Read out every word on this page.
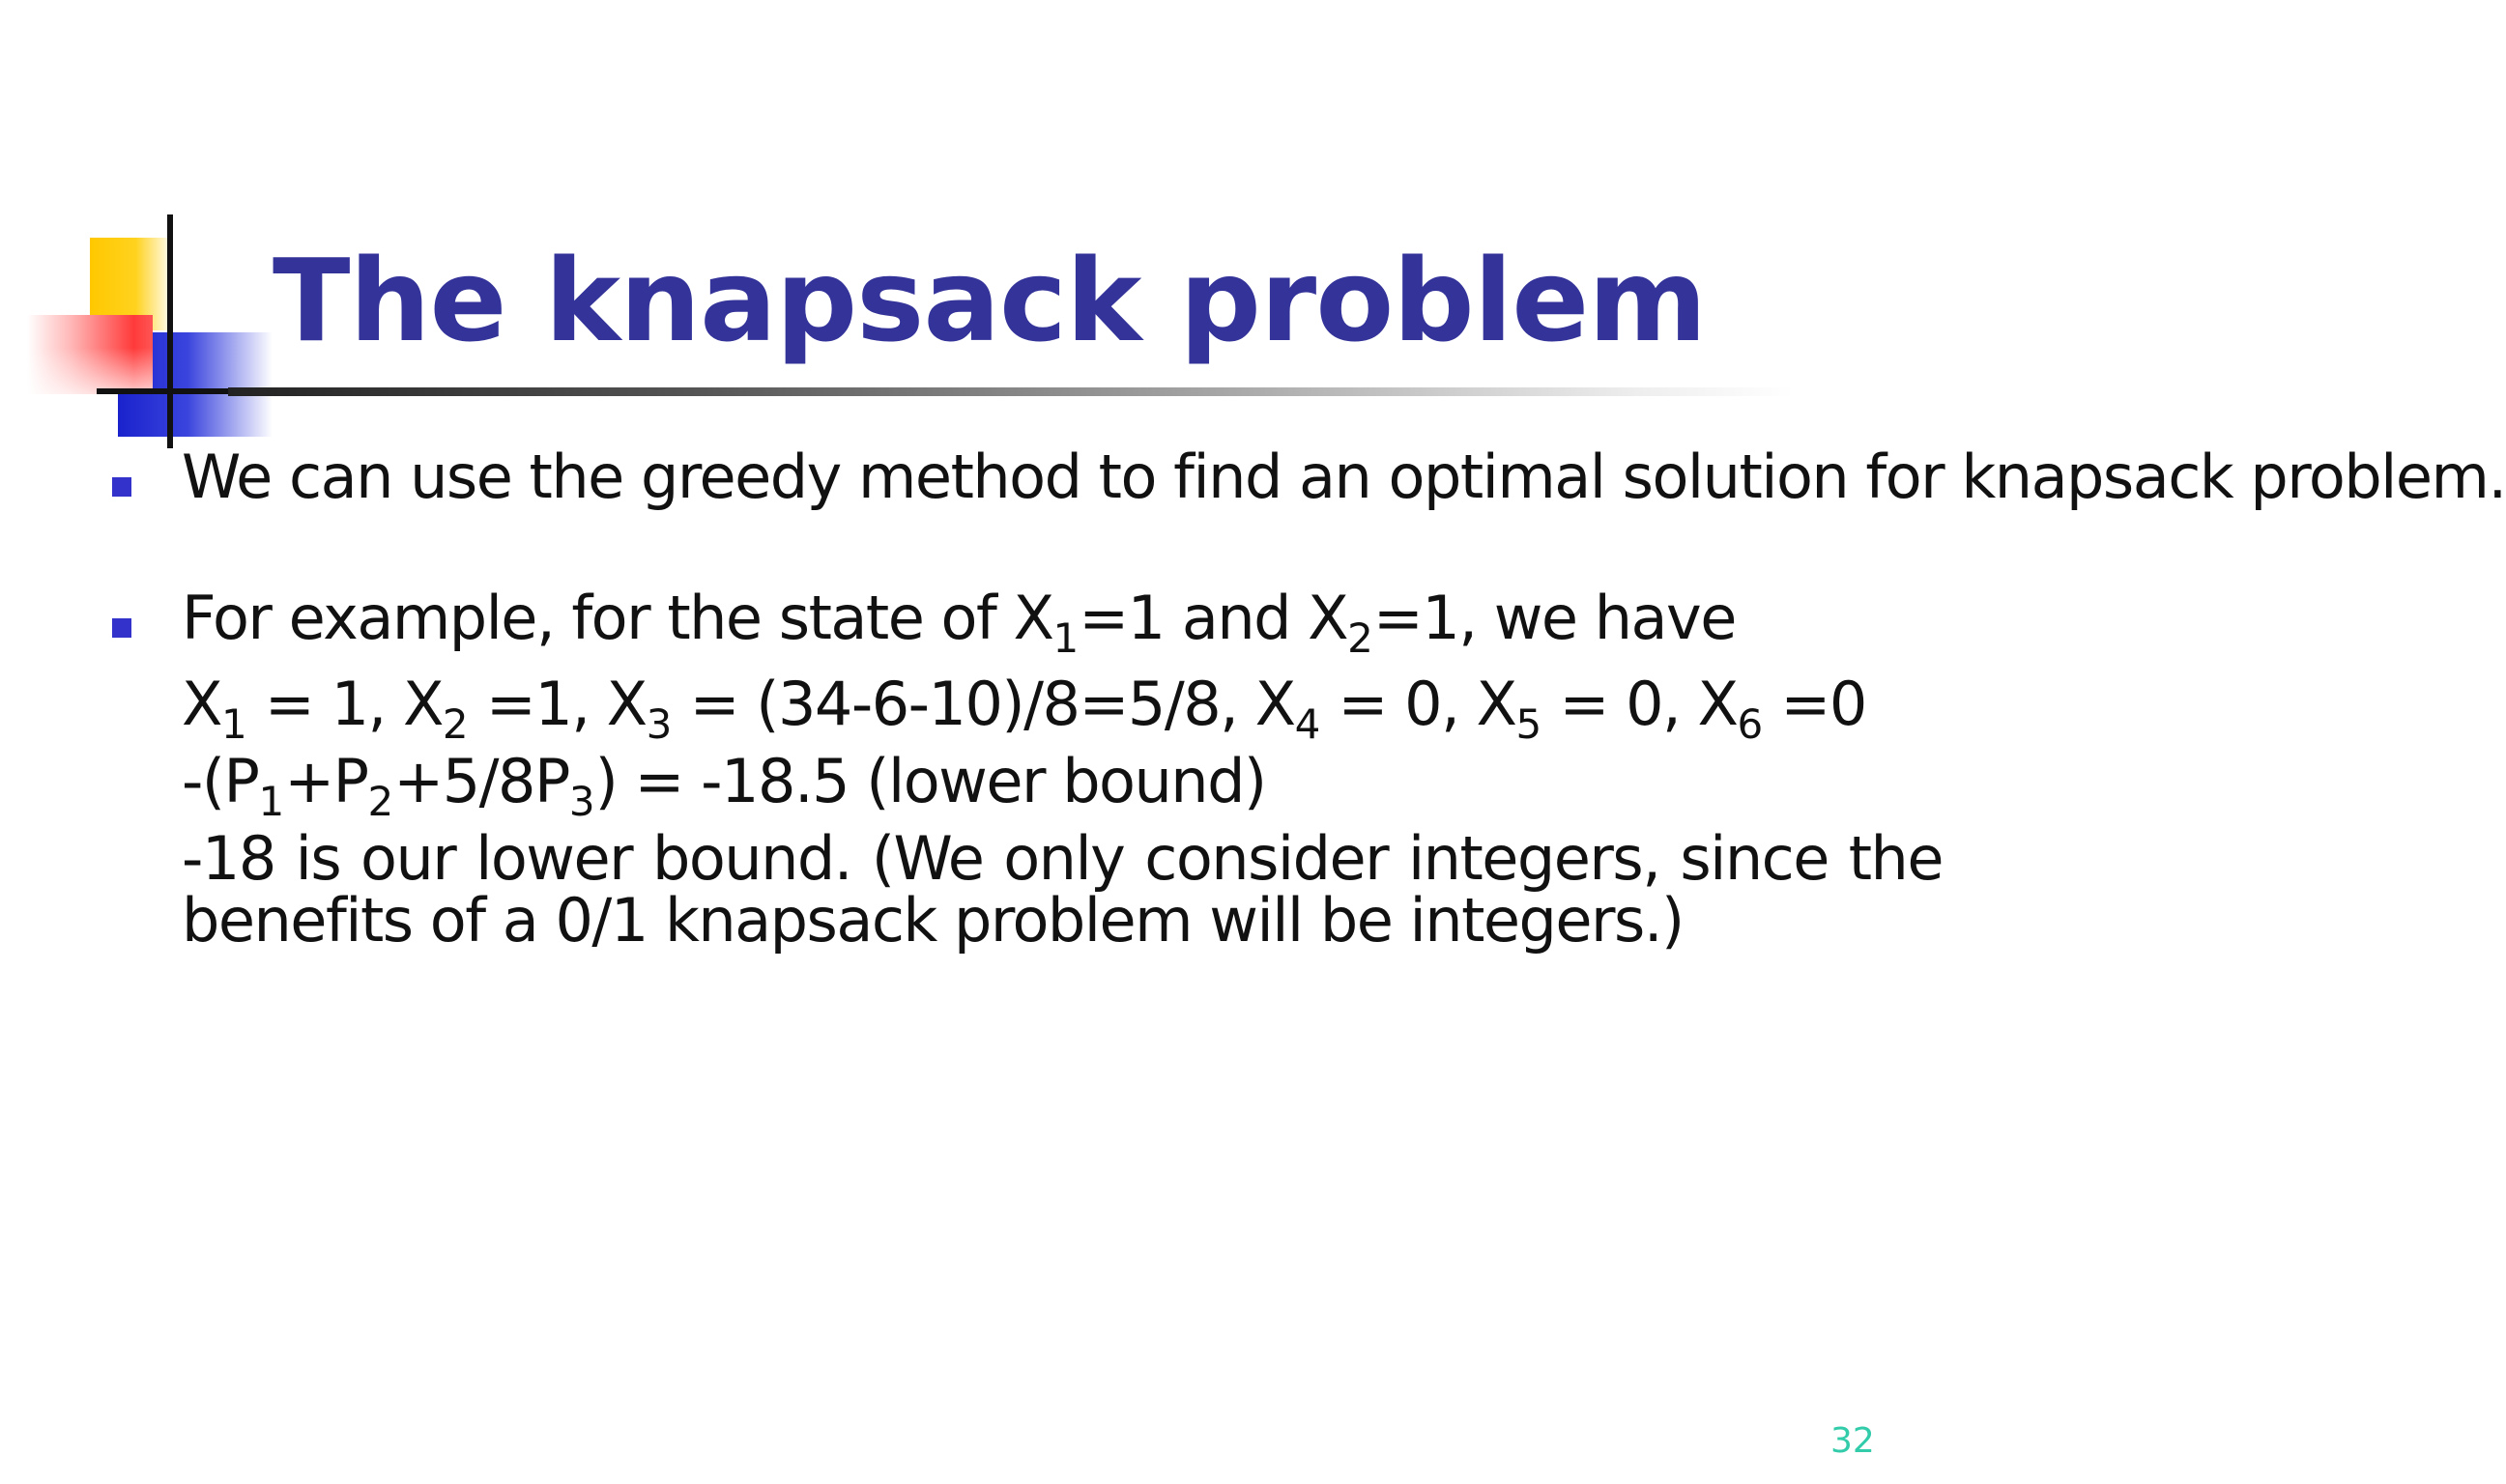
The knapsack problem

We can use the greedy method to find an optimal solution for knapsack problem.

For example, for the state of $X_1=1$ and $X_2=1$, we have

$X_1 = 1$, $X_2 =1$, $X_3 = (34-6-10)/8=5/8$, $X_4 = 0$, $X_5 = 0$, $X_6 =0$

$-(P_1+P_2+5/8P_3) = -18.5$ (lower bound)

-18 is our lower bound. (We only consider integers, since the benefits of a 0/1 knapsack problem will be integers.)

32
